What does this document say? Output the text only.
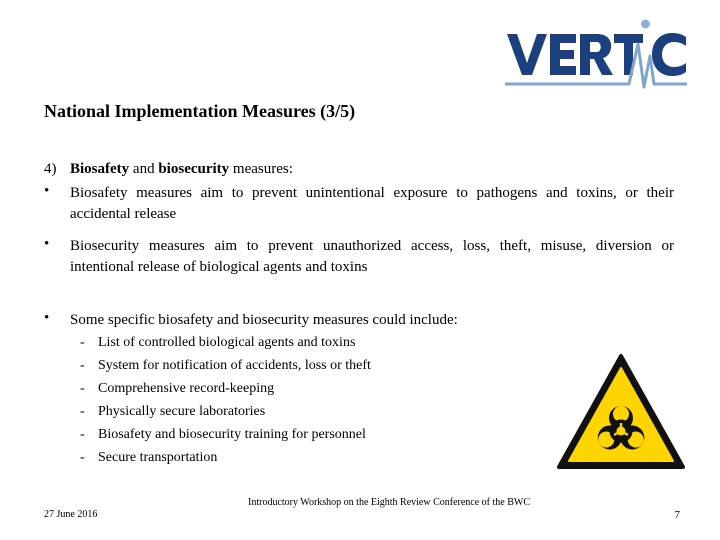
National Implementation Measures (3/5)
4) Biosafety and biosecurity measures:
•	Biosafety measures aim to prevent unintentional exposure to pathogens and toxins, or their accidental release
•	Biosecurity measures aim to prevent unauthorized access, loss, theft, misuse, diversion or intentional release of biological agents and toxins
•	Some specific biosafety and biosecurity measures could include:
- List of controlled biological agents and toxins
- System for notification of accidents, loss or theft
- Comprehensive record-keeping
- Physically secure laboratories
- Biosafety and biosecurity training for personnel
- Secure transportation
Introductory Workshop on the Eighth Review Conference of the BWC
27 June 2016	7
